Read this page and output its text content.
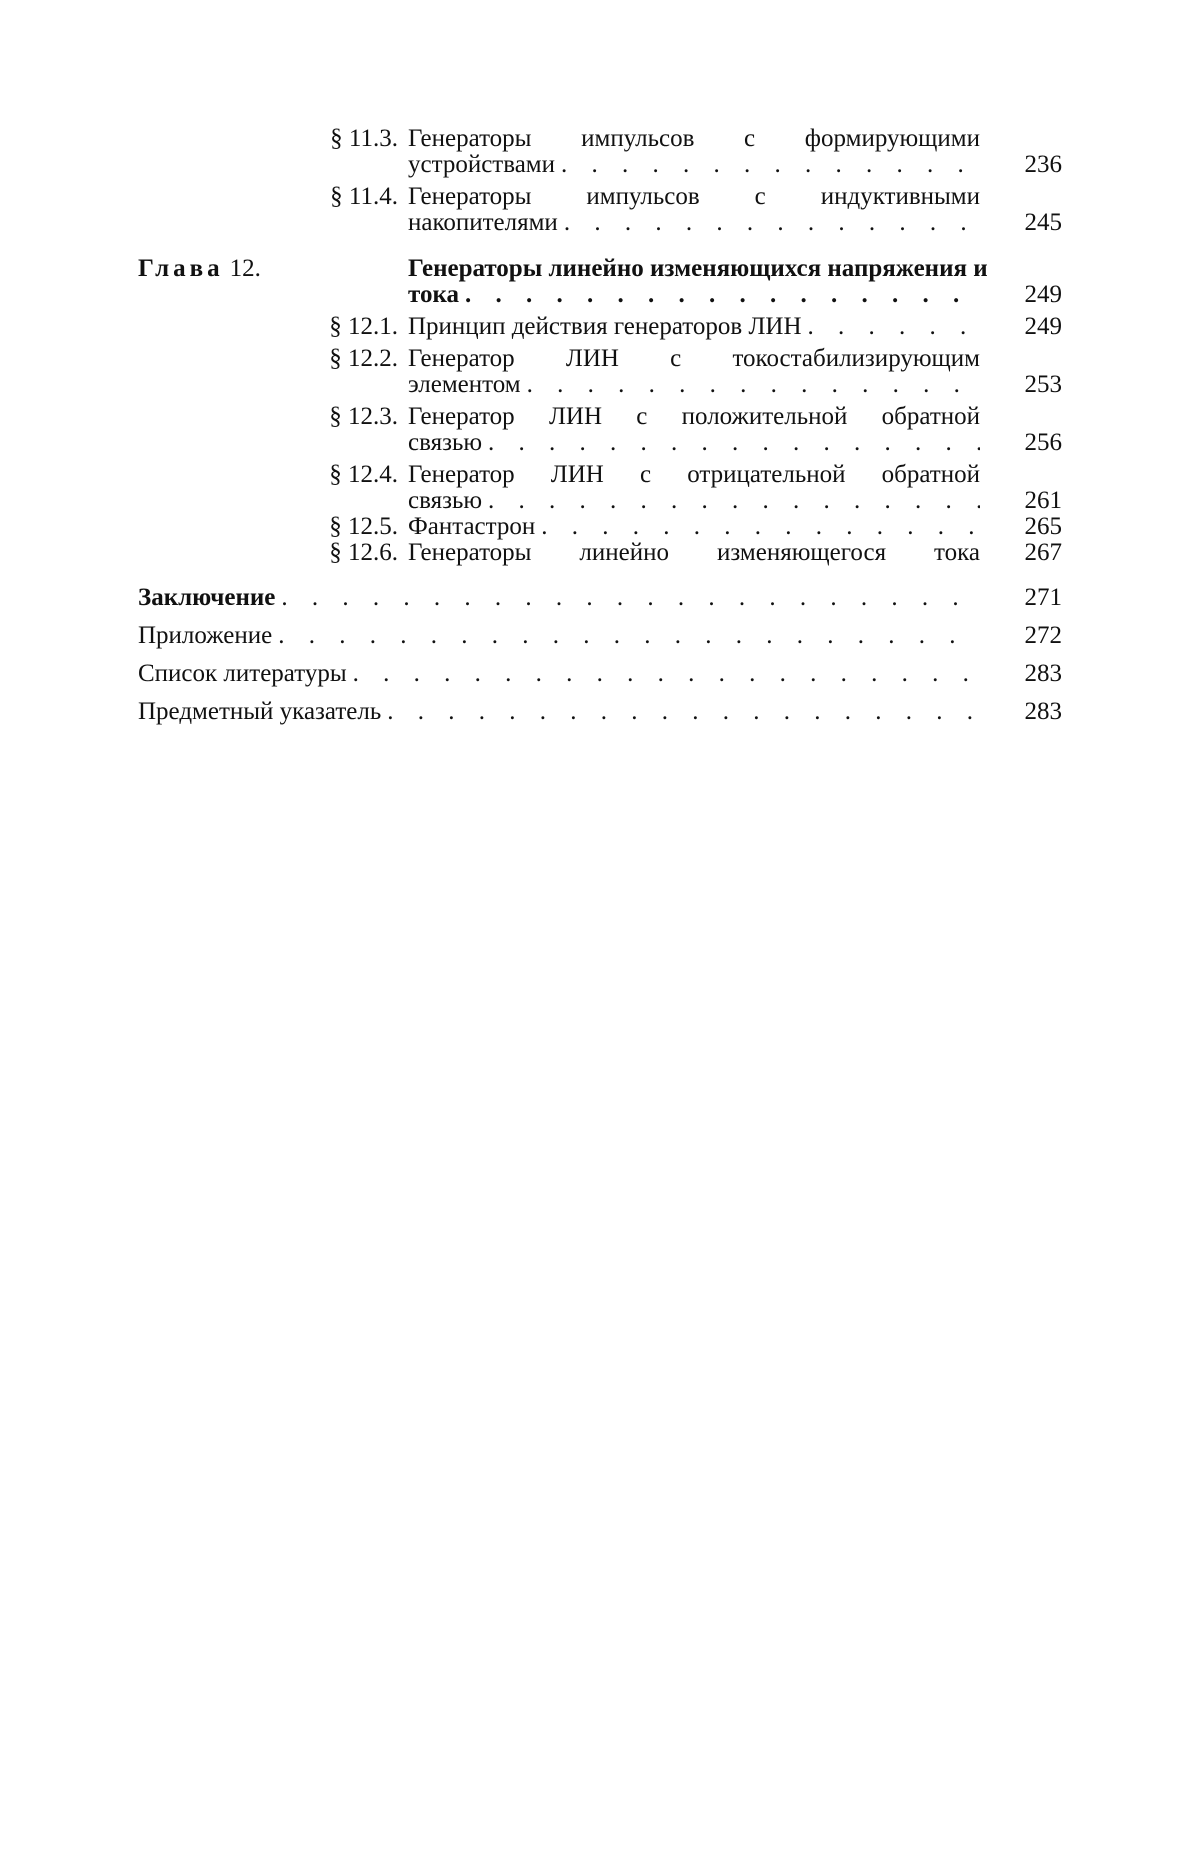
§ 11.3. Генераторы импульсов с формирующими
устройствами . . .	236
§ 11.4. Генераторы импульсов с индуктивными
накопителями . . .	245
Глава 12.	Генераторы линейно изменяющихся напряжения и
тока . . .	249
§ 12.1. Принцип действия генераторов ЛИН . . .	249
§ 12.2. Генератор ЛИН с токостабилизирующим
элементом . . .	253
§ 12.3. Генератор ЛИН с положительной обратной
связью . . .	256
§ 12.4. Генератор ЛИН с отрицательной обратной
связью . . .	261
§ 12.5. Фантастрон . . .	265
§ 12.6. Генераторы линейно изменяющегося тока	267
Заключение . . .	271
Приложение . . .	272
Список литературы . . .	283
Предметный указатель . . .	283
